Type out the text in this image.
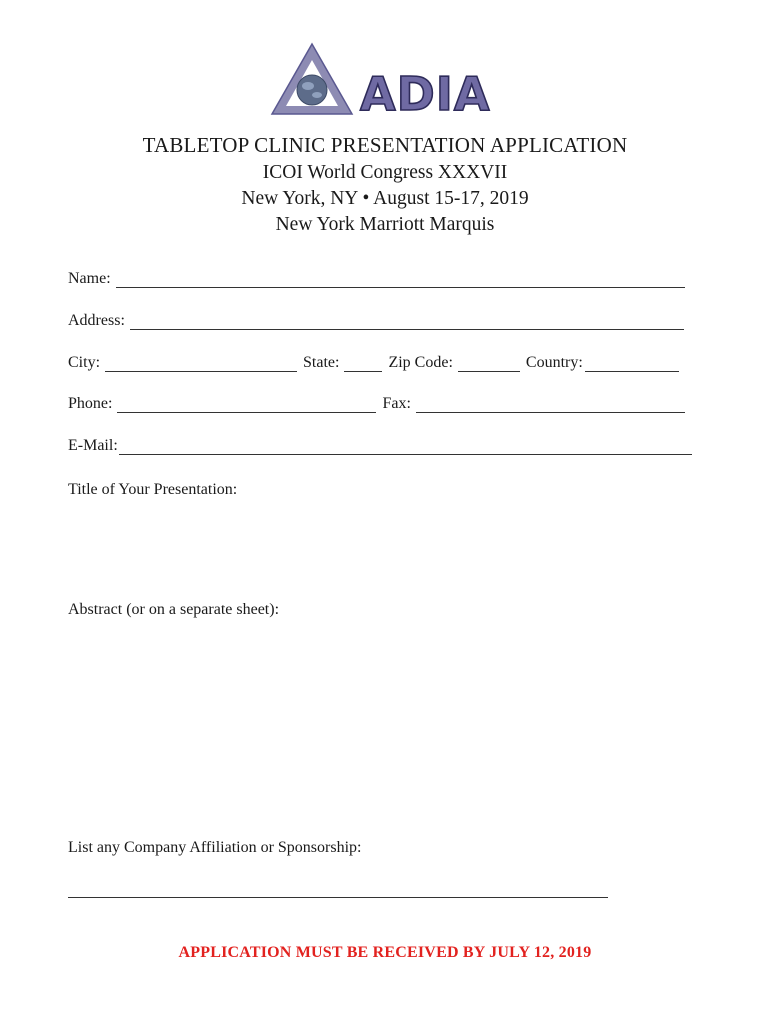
ADIA
TABLETOP CLINIC PRESENTATION APPLICATION
ICOI World Congress XXXVII
New York, NY • August 15-17, 2019
New York Marriott Marquis
Name:
Address:
City:	State:	Zip Code:	Country:
Phone:	Fax:
E-Mail:
Title of Your Presentation:
Abstract (or on a separate sheet):
List any Company Affiliation or Sponsorship:
APPLICATION MUST BE RECEIVED BY JULY 12, 2019
